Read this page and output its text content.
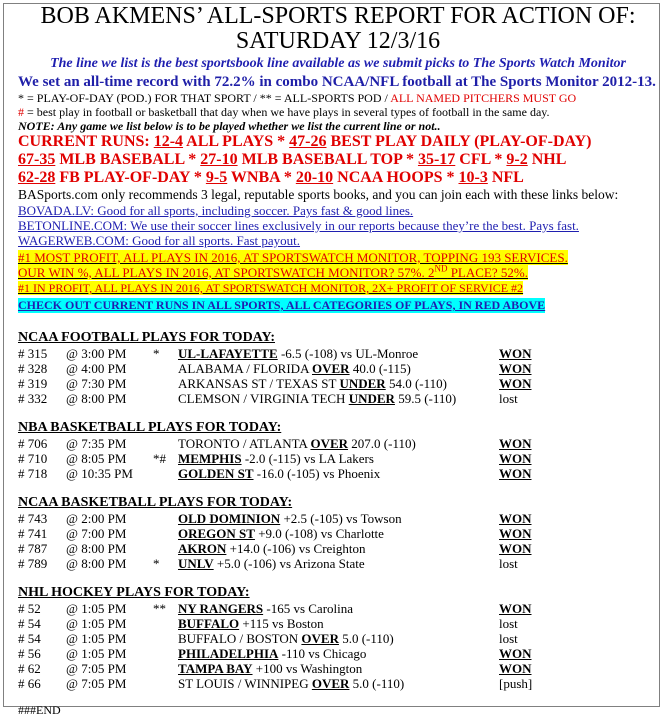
BOB AKMENS’ ALL-SPORTS REPORT FOR ACTION OF:
SATURDAY 12/3/16
The line we list is the best sportsbook line available as we submit picks to The Sports Watch Monitor
We set an all-time record with 72.2% in combo NCAA/NFL football at The Sports Monitor 2012-13.
* = PLAY-OF-DAY (POD.) FOR THAT SPORT / ** = ALL-SPORTS POD / ALL NAMED PITCHERS MUST GO
# = best play in football or basketball that day when we have plays in several types of football in the same day.
NOTE: Any game we list below is to be played whether we list the current line or not..
CURRENT RUNS: 12-4 ALL PLAYS * 47-26 BEST PLAY DAILY (PLAY-OF-DAY)
67-35 MLB BASEBALL * 27-10 MLB BASEBALL TOP * 35-17 CFL * 9-2 NHL
62-28 FB PLAY-OF-DAY * 9-5 WNBA * 20-10 NCAA HOOPS * 10-3 NFL
BASports.com only recommends 3 legal, reputable sports books, and you can join each with these links below:
BOVADA.LV: Good for all sports, including soccer. Pays fast & good lines.
BETONLINE.COM: We use their soccer lines exclusively in our reports because they’re the best. Pays fast.
WAGERWEB.COM: Good for all sports. Fast payout.
#1 MOST PROFIT, ALL PLAYS IN 2016, AT SPORTSWATCH MONITOR, TOPPING 193 SERVICES.
OUR WIN %, ALL PLAYS IN 2016, AT SPORTSWATCH MONITOR? 57%. 2ND PLACE? 52%.
#1 IN PROFIT, ALL PLAYS IN 2016, AT SPORTSWATCH MONITOR, 2X+ PROFIT OF SERVICE #2
CHECK OUT CURRENT RUNS IN ALL SPORTS, ALL CATEGORIES OF PLAYS, IN RED ABOVE
NCAA FOOTBALL PLAYS FOR TODAY:
# 315 @ 3:00 PM * UL-LAFAYETTE -6.5 (-108) vs UL-Monroe	WON
# 328 @ 4:00 PM	ALABAMA / FLORIDA OVER 40.0 (-115)	WON
# 319 @ 7:30 PM	ARKANSAS ST / TEXAS ST UNDER 54.0 (-110)	WON
# 332 @ 8:00 PM	CLEMSON / VIRGINIA TECH UNDER 59.5 (-110)	lost
NBA BASKETBALL PLAYS FOR TODAY:
# 706 @ 7:35 PM	TORONTO / ATLANTA OVER 207.0 (-110)	WON
# 710 @ 8:05 PM *# MEMPHIS -2.0 (-115) vs LA Lakers	WON
# 718 @ 10:35 PM	GOLDEN ST -16.0 (-105) vs Phoenix	WON
NCAA BASKETBALL PLAYS FOR TODAY:
# 743 @ 2:00 PM	OLD DOMINION +2.5 (-105) vs Towson	WON
# 741 @ 7:00 PM	OREGON ST +9.0 (-108) vs Charlotte	WON
# 787 @ 8:00 PM	AKRON +14.0 (-106) vs Creighton	WON
# 789 @ 8:00 PM * UNLV +5.0 (-106) vs Arizona State	lost
NHL HOCKEY PLAYS FOR TODAY:
# 52 @ 1:05 PM ** NY RANGERS -165 vs Carolina	WON
# 54 @ 1:05 PM	BUFFALO +115 vs Boston	lost
# 54 @ 1:05 PM	BUFFALO / BOSTON OVER 5.0 (-110)	lost
# 56 @ 1:05 PM	PHILADELPHIA -110 vs Chicago	WON
# 62 @ 7:05 PM	TAMPA BAY +100 vs Washington	WON
# 66 @ 7:05 PM	ST LOUIS / WINNIPEG OVER 5.0 (-110)	[push]
###END
